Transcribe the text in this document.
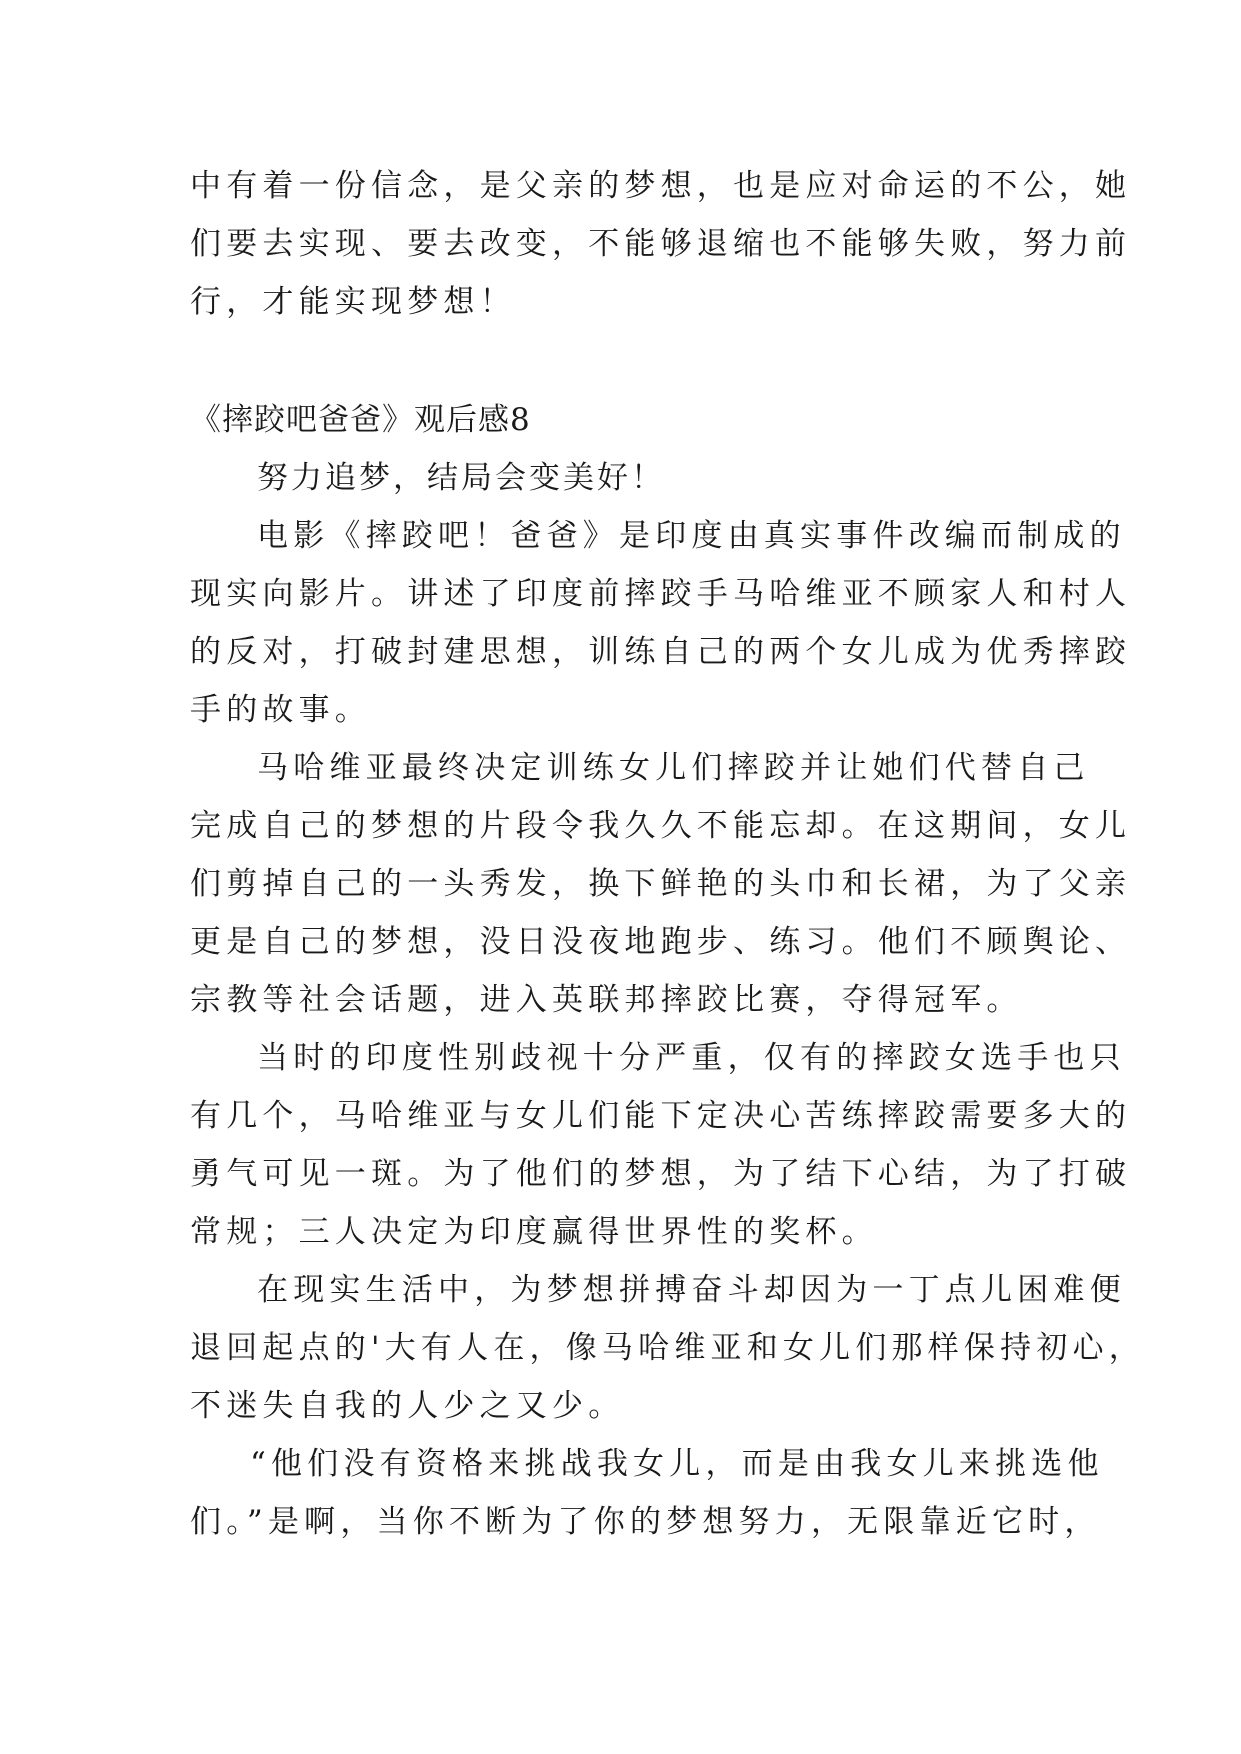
中有着一份信念，是父亲的梦想，也是应对命运的不公，她
们要去实现、要去改变，不能够退缩也不能够失败，努力前
行，才能实现梦想！
《摔跤吧爸爸》观后感8
努力追梦，结局会变美好！
电影《摔跤吧！爸爸》是印度由真实事件改编而制成的
现实向影片。讲述了印度前摔跤手马哈维亚不顾家人和村人
的反对，打破封建思想，训练自己的两个女儿成为优秀摔跤
手的故事。
马哈维亚最终决定训练女儿们摔跤并让她们代替自己
完成自己的梦想的片段令我久久不能忘却。在这期间，女儿
们剪掉自己的一头秀发，换下鲜艳的头巾和长裙，为了父亲
更是自己的梦想，没日没夜地跑步、练习。他们不顾舆论、
宗教等社会话题，进入英联邦摔跤比赛，夺得冠军。
当时的印度性别歧视十分严重，仅有的摔跤女选手也只
有几个，马哈维亚与女儿们能下定决心苦练摔跤需要多大的
勇气可见一斑。为了他们的梦想，为了结下心结，为了打破
常规；三人决定为印度赢得世界性的奖杯。
在现实生活中，为梦想拼搏奋斗却因为一丁点儿困难便
退回起点的'大有人在，像马哈维亚和女儿们那样保持初心，
不迷失自我的人少之又少。
“他们没有资格来挑战我女儿，而是由我女儿来挑选他
们。”是啊，当你不断为了你的梦想努力，无限靠近它时，
